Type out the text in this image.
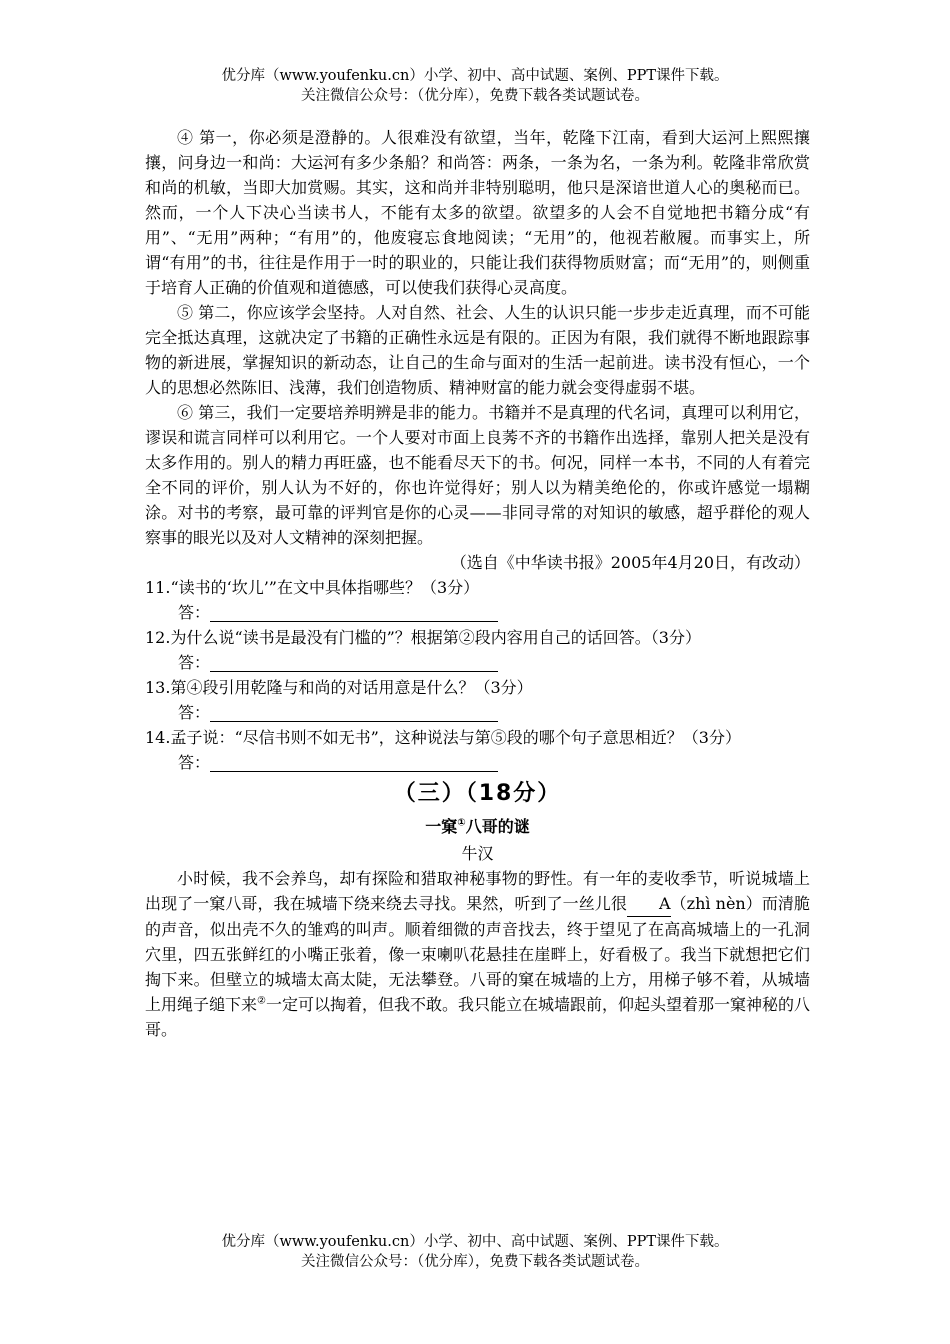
优分库（www.youfenku.cn）小学、初中、高中试题、案例、PPT课件下载。
关注微信公众号：（优分库），免费下载各类试题试卷。

④ 第一，你必须是澄静的。人很难没有欲望，当年，乾隆下江南，看到大运河上熙熙攘攘，问身边一和尚：大运河有多少条船？和尚答：两条，一条为名，一条为利。乾隆非常欣赏和尚的机敏，当即大加赏赐。其实，这和尚并非特别聪明，他只是深谙世道人心的奥秘而已。然而，一个人下决心当读书人，不能有太多的欲望。欲望多的人会不自觉地把书籍分成“有用”、“无用”两种；“有用”的，他废寝忘食地阅读；“无用”的，他视若敝履。而事实上，所谓“有用”的书，往往是作用于一时的职业的，只能让我们获得物质财富；而“无用”的，则侧重于培育人正确的价值观和道德感，可以使我们获得心灵高度。

⑤ 第二，你应该学会坚持。人对自然、社会、人生的认识只能一步步走近真理，而不可能完全抵达真理，这就决定了书籍的正确性永远是有限的。正因为有限，我们就得不断地跟踪事物的新进展，掌握知识的新动态，让自己的生命与面对的生活一起前进。读书没有恒心，一个人的思想必然陈旧、浅薄，我们创造物质、精神财富的能力就会变得虚弱不堪。

⑥ 第三，我们一定要培养明辨是非的能力。书籍并不是真理的代名词，真理可以利用它，谬误和谎言同样可以利用它。一个人要对市面上良莠不齐的书籍作出选择，靠别人把关是没有太多作用的。别人的精力再旺盛，也不能看尽天下的书。何况，同样一本书，不同的人有着完全不同的评价，别人认为不好的，你也许觉得好；别人以为精美绝伦的，你或许感觉一塌糊涂。对书的考察，最可靠的评判官是你的心灵——非同寻常的对知识的敏感，超乎群伦的观人察事的眼光以及对人文精神的深刻把握。

（选自《中华读书报》2005年4月20日，有改动）

11.“读书的‘坎儿’”在文中具体指哪些？（3分）

答：

12.为什么说“读书是最没有门槛的”？根据第②段内容用自己的话回答。（3分）

答：

13.第④段引用乾隆与和尚的对话用意是什么？（3分）

答：

14.孟子说：“尽信书则不如无书”，这种说法与第⑤段的哪个句子意思相近？（3分）

答：

（三）（18分）

一窠①八哥的谜

牛汉

小时候，我不会养鸟，却有探险和猎取神秘事物的野性。有一年的麦收季节，听说城墙上出现了一窠八哥，我在城墙下绕来绕去寻找。果然，听到了一丝儿很 A（zhì nèn）而清脆的声音，似出壳不久的雏鸡的叫声。顺着细微的声音找去，终于望见了在高高城墙上的一孔洞穴里，四五张鲜红的小嘴正张着，像一束喇叭花悬挂在崖畔上，好看极了。我当下就想把它们掏下来。但壁立的城墙太高太陡，无法攀登。八哥的窠在城墙的上方，用梯子够不着，从城墙上用绳子缒下来②一定可以掏着，但我不敢。我只能立在城墙跟前，仰起头望着那一窠神秘的八哥。

优分库（www.youfenku.cn）小学、初中、高中试题、案例、PPT课件下载。
关注微信公众号：（优分库），免费下载各类试题试卷。
